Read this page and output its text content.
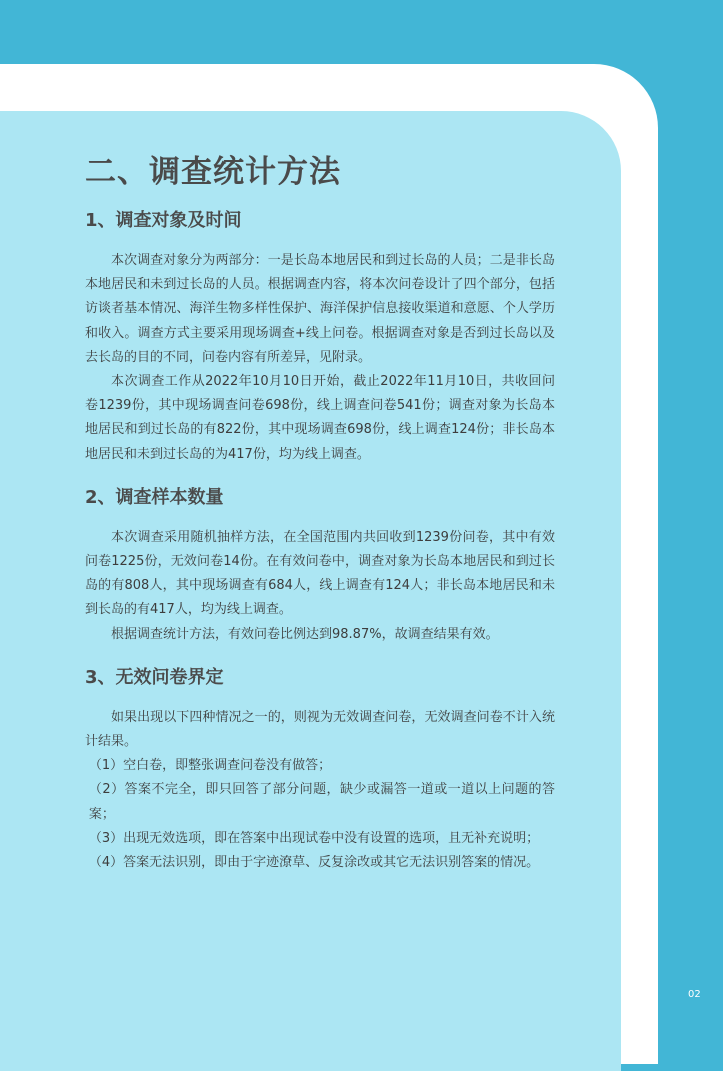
二、调查统计方法
1、调查对象及时间

本次调查对象分为两部分：一是长岛本地居民和到过长岛的人员；二是非长岛本地居民和未到过长岛的人员。根据调查内容，将本次问卷设计了四个部分，包括访谈者基本情况、海洋生物多样性保护、海洋保护信息接收渠道和意愿、个人学历和收入。调查方式主要采用现场调查+线上问卷。根据调查对象是否到过长岛以及去长岛的目的不同，问卷内容有所差异，见附录。

本次调查工作从2022年10月10日开始，截止2022年11月10日，共收回问卷1239份，其中现场调查问卷698份，线上调查问卷541份；调查对象为长岛本地居民和到过长岛的有822份，其中现场调查698份，线上调查124份；非长岛本地居民和未到过长岛的为417份，均为线上调查。

2、调查样本数量

本次调查采用随机抽样方法，在全国范围内共回收到1239份问卷，其中有效问卷1225份，无效问卷14份。在有效问卷中，调查对象为长岛本地居民和到过长岛的有808人，其中现场调查有684人，线上调查有124人；非长岛本地居民和未到长岛的有417人，均为线上调查。

根据调查统计方法，有效问卷比例达到98.87%，故调查结果有效。

3、无效问卷界定

如果出现以下四种情况之一的，则视为无效调查问卷，无效调查问卷不计入统计结果。

（1）空白卷，即整张调查问卷没有做答；

（2）答案不完全，即只回答了部分问题，缺少或漏答一道或一道以上问题的答案；

（3）出现无效选项，即在答案中出现试卷中没有设置的选项，且无补充说明；

（4）答案无法识别，即由于字迹潦草、反复涂改或其它无法识别答案的情况。

02
